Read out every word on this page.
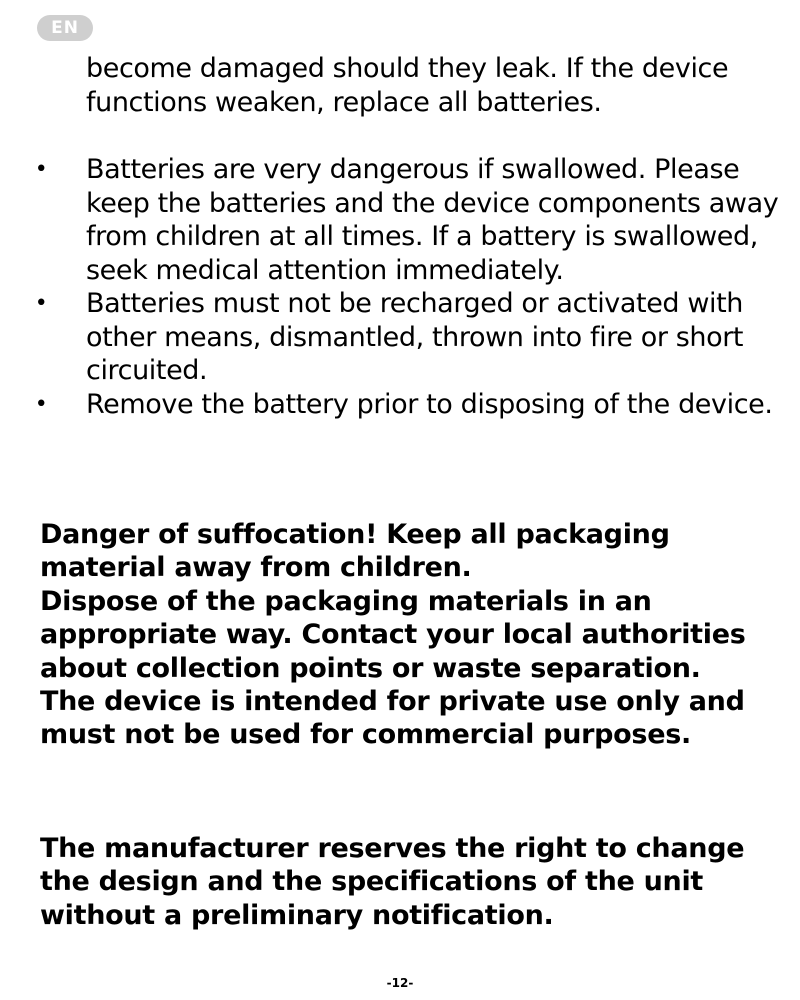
EN

become damaged should they leak. If the device functions weaken, replace all batteries.

• Batteries are very dangerous if swallowed. Please keep the batteries and the device components away from children at all times. If a battery is swallowed, seek medical attention immediately.
• Batteries must not be recharged or activated with other means, dismantled, thrown into fire or short circuited.
• Remove the battery prior to disposing of the device.

Danger of suffocation! Keep all packaging material away from children.

Dispose of the packaging materials in an appropriate way. Contact your local authorities about collection points or waste separation.

The device is intended for private use only and must not be used for commercial purposes.

The manufacturer reserves the right to change the design and the specifications of the unit without a preliminary notification.

-12-
